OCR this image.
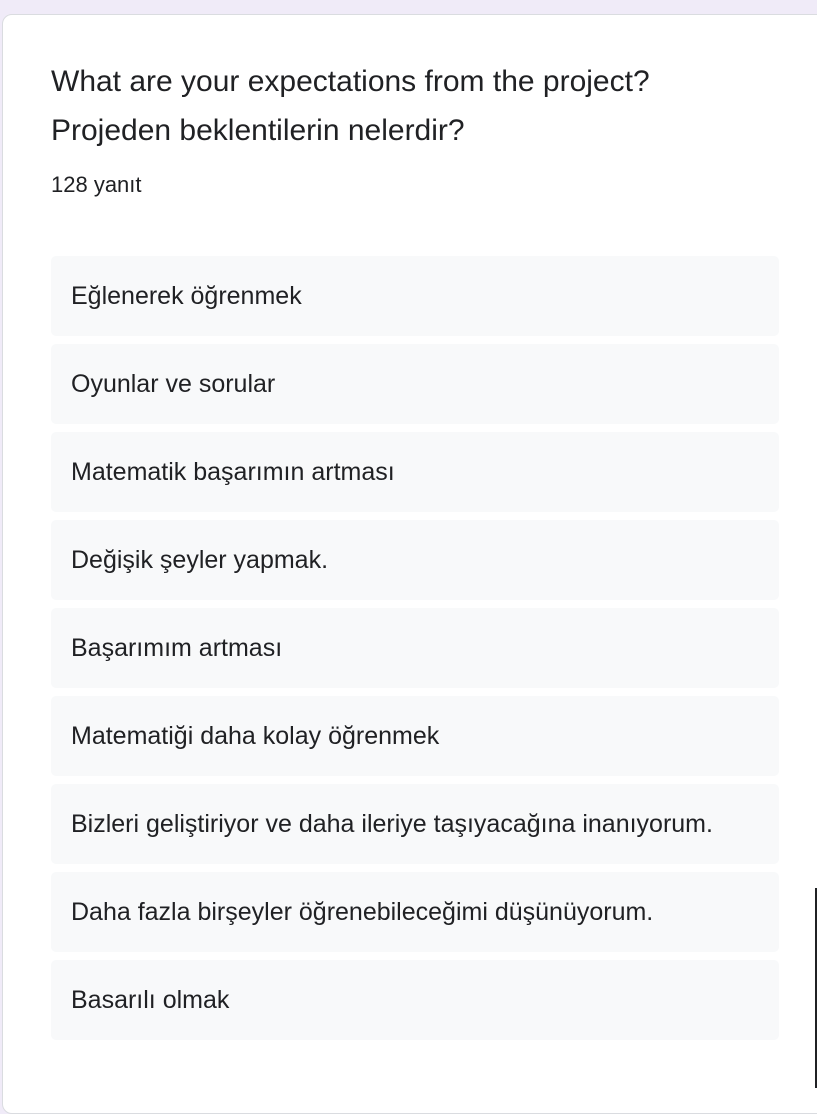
What are your expectations from the project?
Projeden beklentilerin nelerdir?
128 yanıt
Eğlenerek öğrenmek
Oyunlar ve sorular
Matematik başarımın artması
Değişik şeyler yapmak.
Başarımım artması
Matematiği daha kolay öğrenmek
Bizleri geliştiriyor ve daha ileriye taşıyacağına inanıyorum.
Daha fazla birşeyler öğrenebileceğimi düşünüyorum.
Basarılı olmak
